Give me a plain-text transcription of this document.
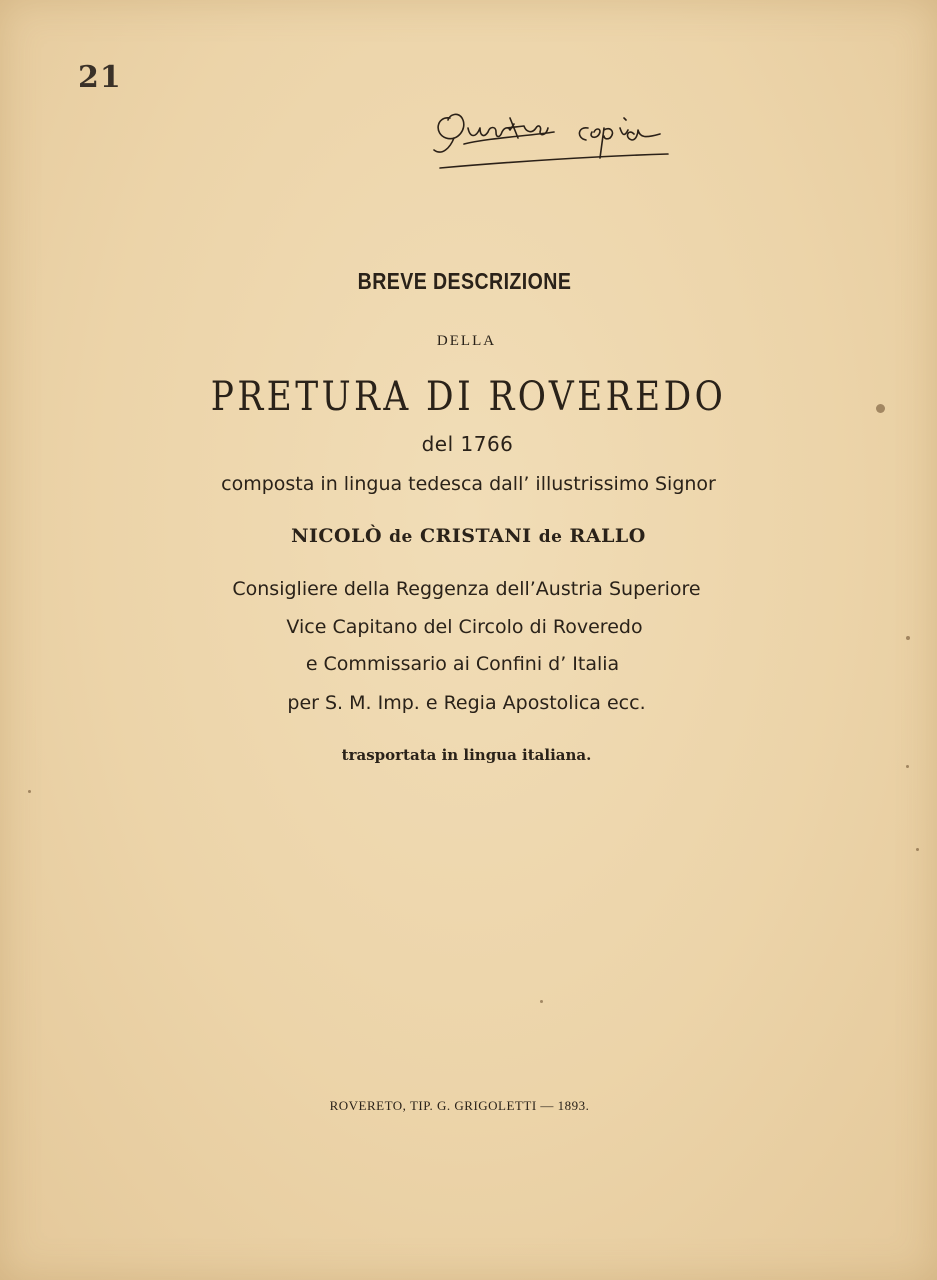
21
Quarta copia
BREVE DESCRIZIONE
DELLA
PRETURA DI ROVEREDO
del 1766
composta in lingua tedesca dall’ illustrissimo Signor
NICOLÒ de CRISTANI de RALLO
Consigliere della Reggenza dell’Austria Superiore
Vice Capitano del Circolo di Roveredo
e Commissario ai Confini d’ Italia
per S. M. Imp. e Regia Apostolica ecc.
trasportata in lingua italiana.
ROVERETO, TIP. G. GRIGOLETTI — 1893.
